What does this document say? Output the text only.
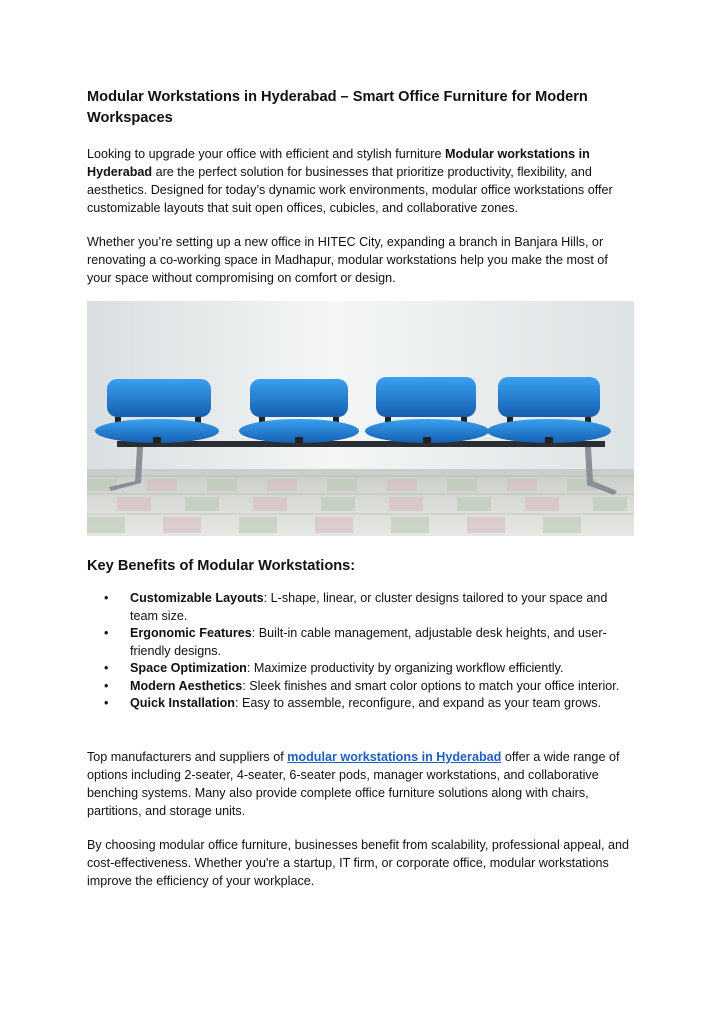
Modular Workstations in Hyderabad – Smart Office Furniture for Modern Workspaces
Looking to upgrade your office with efficient and stylish furniture Modular workstations in Hyderabad are the perfect solution for businesses that prioritize productivity, flexibility, and aesthetics. Designed for today’s dynamic work environments, modular office workstations offer customizable layouts that suit open offices, cubicles, and collaborative zones.
Whether you’re setting up a new office in HITEC City, expanding a branch in Banjara Hills, or renovating a co-working space in Madhapur, modular workstations help you make the most of your space without compromising on comfort or design.
Key Benefits of Modular Workstations:
• Customizable Layouts: L-shape, linear, or cluster designs tailored to your space and team size.
• Ergonomic Features: Built-in cable management, adjustable desk heights, and user-friendly designs.
• Space Optimization: Maximize productivity by organizing workflow efficiently.
• Modern Aesthetics: Sleek finishes and smart color options to match your office interior.
• Quick Installation: Easy to assemble, reconfigure, and expand as your team grows.
Top manufacturers and suppliers of modular workstations in Hyderabad offer a wide range of options including 2-seater, 4-seater, 6-seater pods, manager workstations, and collaborative benching systems. Many also provide complete office furniture solutions along with chairs, partitions, and storage units.
By choosing modular office furniture, businesses benefit from scalability, professional appeal, and cost-effectiveness. Whether you're a startup, IT firm, or corporate office, modular workstations improve the efficiency of your workplace.
